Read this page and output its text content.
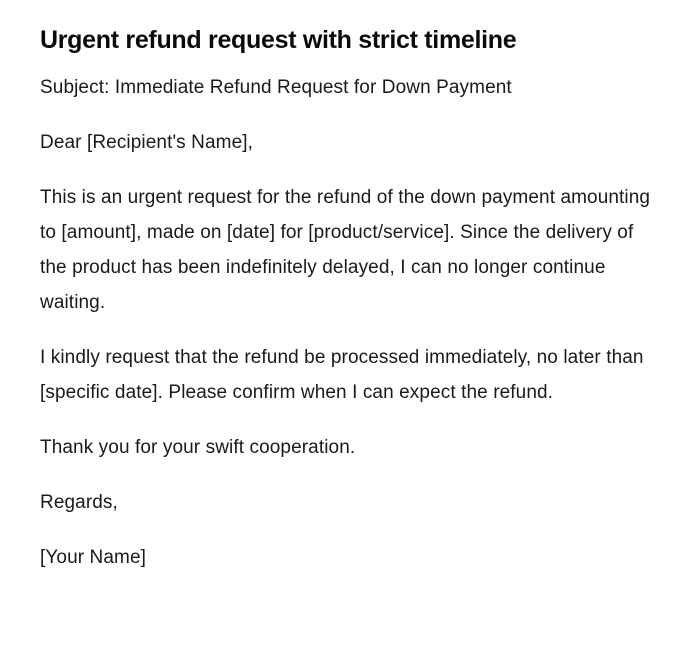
Urgent refund request with strict timeline

Subject: Immediate Refund Request for Down Payment

Dear [Recipient's Name],

This is an urgent request for the refund of the down payment amounting to [amount], made on [date] for [product/service]. Since the delivery of the product has been indefinitely delayed, I can no longer continue waiting.

I kindly request that the refund be processed immediately, no later than [specific date]. Please confirm when I can expect the refund.

Thank you for your swift cooperation.

Regards,

[Your Name]
